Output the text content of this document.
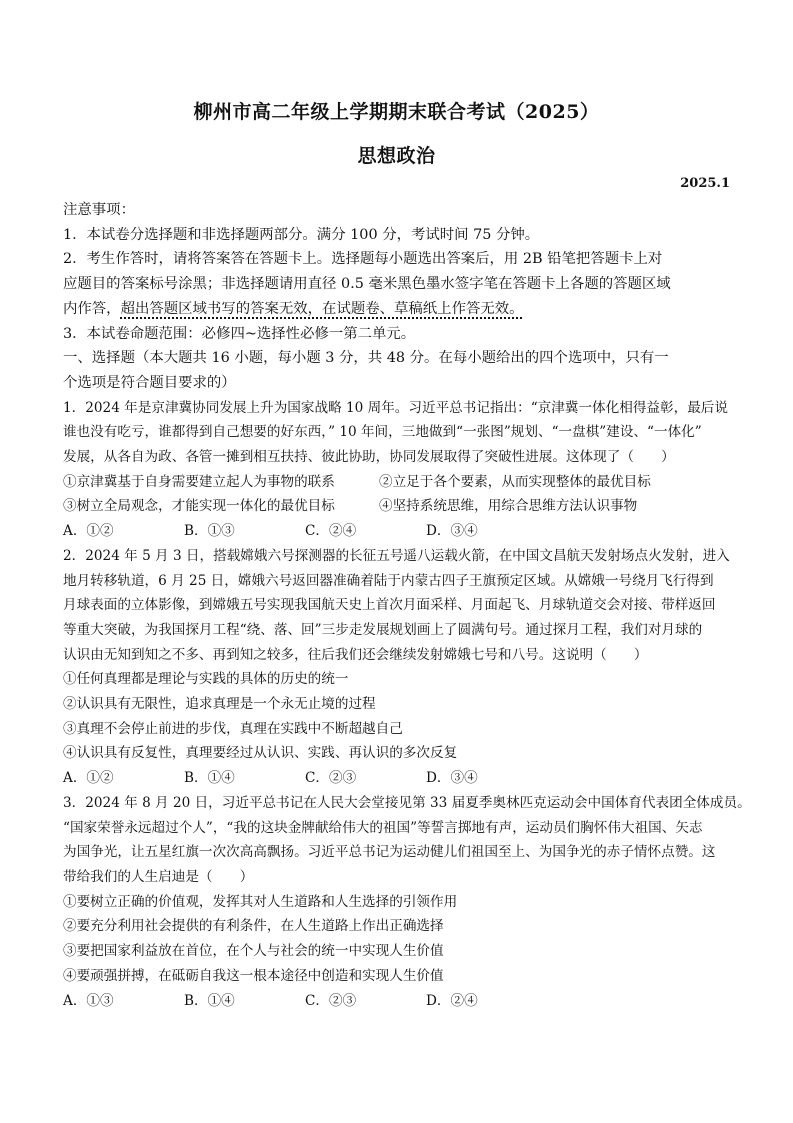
柳州市高二年级上学期期末联合考试（2025）
思想政治
2025.1
注意事项：
1．本试卷分选择题和非选择题两部分。满分 100 分，考试时间 75 分钟。
2．考生作答时，请将答案答在答题卡上。选择题每小题选出答案后，用 2B 铅笔把答题卡上对
应题目的答案标号涂黑；非选择题请用直径 0.5 毫米黑色墨水签字笔在答题卡上各题的答题区域
内作答，超出答题区域书写的答案无效，在试题卷、草稿纸上作答无效。
3．本试卷命题范围：必修四~选择性必修一第二单元。
一、选择题（本大题共 16 小题，每小题 3 分，共 48 分。在每小题给出的四个选项中，只有一
个选项是符合题目要求的）
1．2024 年是京津冀协同发展上升为国家战略 10 周年。习近平总书记指出：“京津冀一体化相得益彰，最后说
谁也没有吃亏，谁都得到自己想要的好东西，” 10 年间，三地做到“一张图”规划、“一盘棋”建设、“一体化”
发展，从各自为政、各管一摊到相互扶持、彼此协助，协同发展取得了突破性进展。这体现了（　　）
①京津冀基于自身需要建立起人为事物的联系	②立足于各个要素，从而实现整体的最优目标
③树立全局观念，才能实现一体化的最优目标	④坚持系统思维，用综合思维方法认识事物
A．①②	B．①③	C．②④	D．③④
2．2024 年 5 月 3 日，搭载嫦娥六号探测器的长征五号遥八运载火箭，在中国文昌航天发射场点火发射，进入
地月转移轨道，6 月 25 日，嫦娥六号返回器准确着陆于内蒙古四子王旗预定区域。从嫦娥一号绕月飞行得到
月球表面的立体影像，到嫦娥五号实现我国航天史上首次月面采样、月面起飞、月球轨道交会对接、带样返回
等重大突破，为我国探月工程“绕、落、回”三步走发展规划画上了圆满句号。通过探月工程，我们对月球的
认识由无知到知之不多、再到知之较多，往后我们还会继续发射嫦娥七号和八号。这说明（　　）
①任何真理都是理论与实践的具体的历史的统一
②认识具有无限性，追求真理是一个永无止境的过程
③真理不会停止前进的步伐，真理在实践中不断超越自己
④认识具有反复性，真理要经过从认识、实践、再认识的多次反复
A．①②	B．①④	C．②③	D．③④
3．2024 年 8 月 20 日，习近平总书记在人民大会堂接见第 33 届夏季奥林匹克运动会中国体育代表团全体成员。
“国家荣誉永远超过个人”，“我的这块金牌献给伟大的祖国”等誓言掷地有声，运动员们胸怀伟大祖国、矢志
为国争光，让五星红旗一次次高高飘扬。习近平总书记为运动健儿们祖国至上、为国争光的赤子情怀点赞。这
带给我们的人生启迪是（　　）
①要树立正确的价值观，发挥其对人生道路和人生选择的引领作用
②要充分利用社会提供的有利条件，在人生道路上作出正确选择
③要把国家利益放在首位，在个人与社会的统一中实现人生价值
④要顽强拼搏，在砥砺自我这一根本途径中创造和实现人生价值
A．①③	B．①④	C．②③	D．②④
